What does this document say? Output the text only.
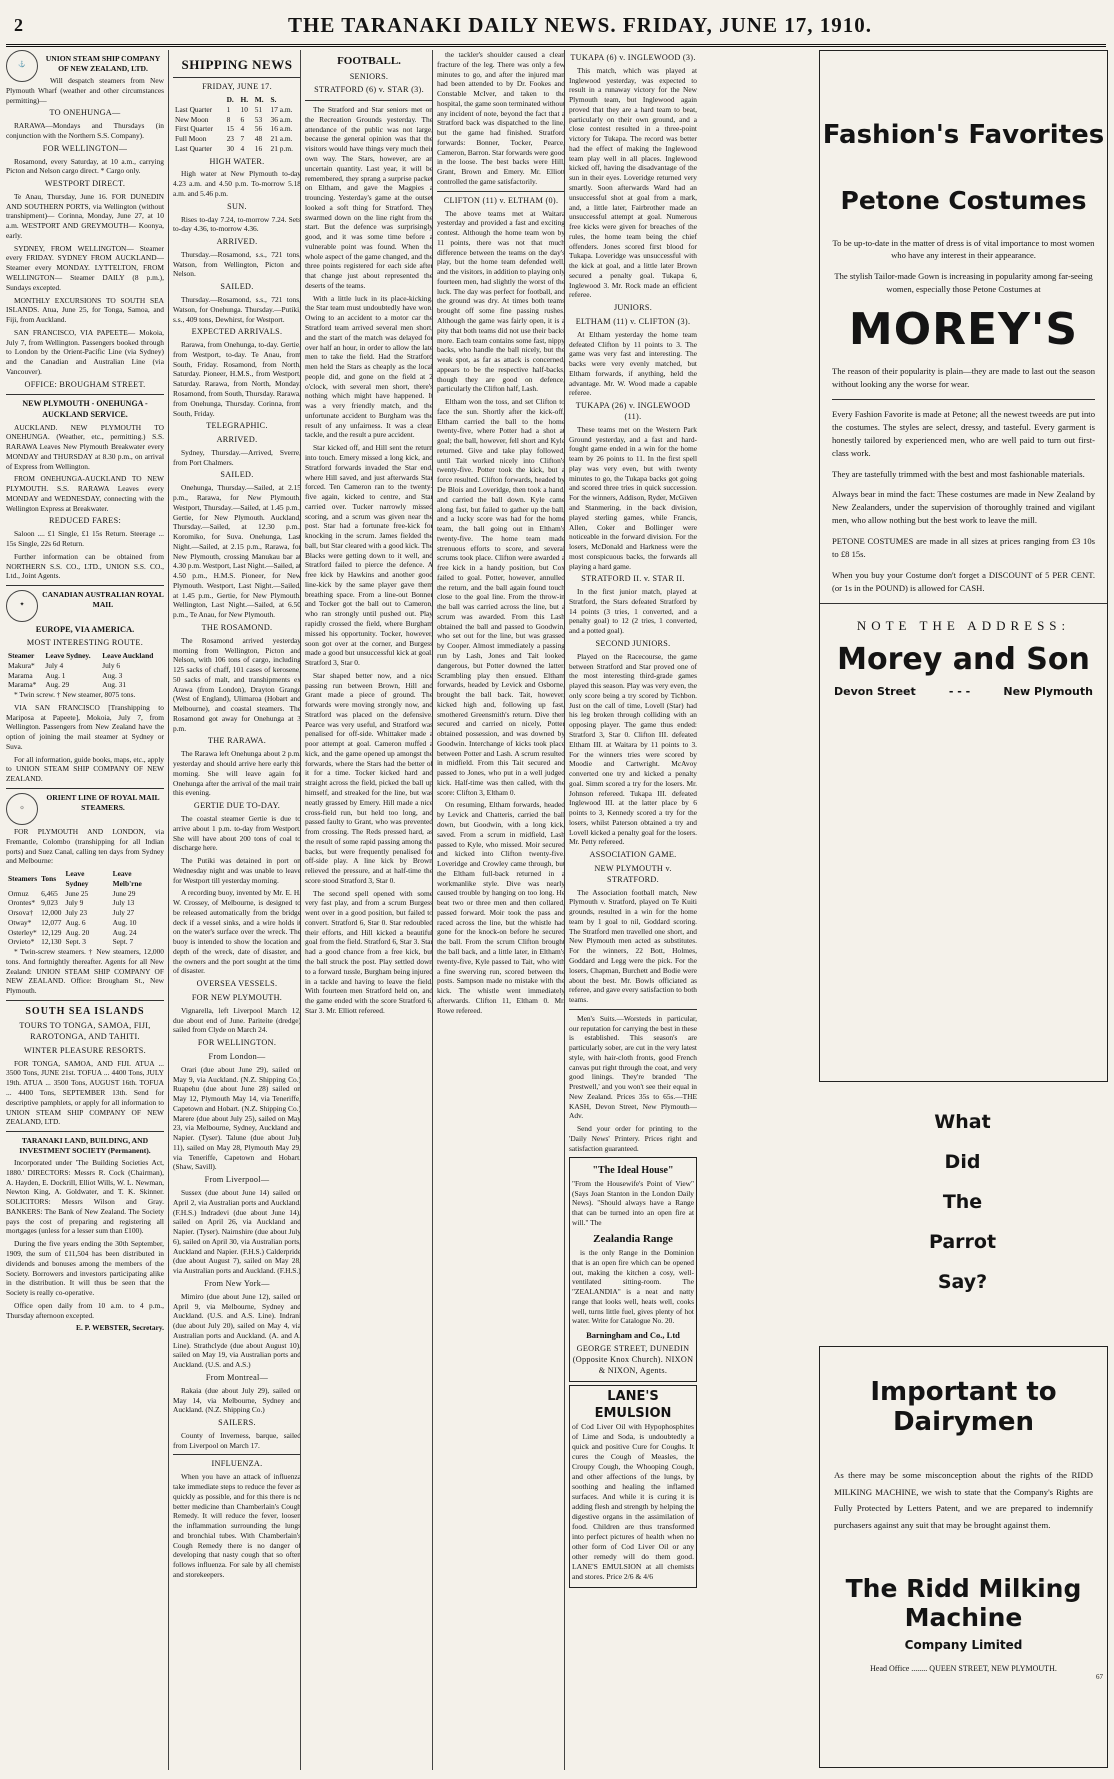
2	THE TARANAKI DAILY NEWS. FRIDAY, JUNE 17, 1910.
⚓
UNION STEAM SHIP COMPANY OF NEW ZEALAND, LTD.

Will despatch steamers from New Plymouth Wharf (weather and other circumstances permitting)—

TO ONEHUNGA—

RARAWA—Mondays and Thursdays (in conjunction with the Northern S.S. Company).

FOR WELLINGTON—

Rosamond, every Saturday, at 10 a.m., carrying Picton and Nelson cargo direct. * Cargo only.

WESTPORT DIRECT.

Te Anau, Thursday, June 16. FOR DUNEDIN AND SOUTHERN PORTS, via Wellington (without transhipment)— Corinna, Monday, June 27, at 10 a.m. WESTPORT AND GREYMOUTH— Koonya, early.

SYDNEY, FROM WELLINGTON— Steamer every FRIDAY. SYDNEY FROM AUCKLAND— Steamer every MONDAY. LYTTELTON, FROM WELLINGTON— Steamer DAILY (8 p.m.), Sundays excepted.

MONTHLY EXCURSIONS TO SOUTH SEA ISLANDS. Atua, June 25, for Tonga, Samoa, and Fiji, from Auckland.

SAN FRANCISCO, VIA PAPEETE— Mokoia, July 7, from Wellington. Passengers booked through to London by the Orient-Pacific Line (via Sydney) and the Canadian and Australian Line (via Vancouver).

OFFICE: BROUGHAM STREET.
NEW PLYMOUTH - ONEHUNGA - AUCKLAND SERVICE.

AUCKLAND. NEW PLYMOUTH TO ONEHUNGA. (Weather, etc., permitting.) S.S. RARAWA Leaves New Plymouth Breakwater every MONDAY and THURSDAY at 8.30 p.m., on arrival of Express from Wellington.

FROM ONEHUNGA-AUCKLAND TO NEW PLYMOUTH. S.S. RARAWA Leaves every MONDAY and WEDNESDAY, connecting with the Wellington Express at Breakwater.

REDUCED FARES:

Saloon .... £1 Single, £1 15s Return. Steerage ... 15s Single, 22s 6d Return.

Further information can be obtained from NORTHERN S.S. CO., LTD., UNION S.S. CO., Ltd., Joint Agents.

✦
CANADIAN AUSTRALIAN ROYAL MAIL
EUROPE, VIA AMERICA.
MOST INTERESTING ROUTE.
Steamer	Leave Sydney.	Leave Auckland
Makura*	July 4	July 6
Marama	Aug. 1	Aug. 3
Marama*	Aug. 29	Aug. 31

* Twin screw. † New steamer, 8075 tons.

VIA SAN FRANCISCO [Transhipping to Mariposa at Papeete], Mokoia, July 7, from Wellington. Passengers from New Zealand have the option of joining the mail steamer at Sydney or Suva.

For all information, guide books, maps, etc., apply to UNION STEAM SHIP COMPANY OF NEW ZEALAND.

☼
ORIENT LINE OF ROYAL MAIL STEAMERS.

FOR PLYMOUTH AND LONDON, via Fremantle, Colombo (transhipping for all Indian ports) and Suez Canal, calling ten days from Sydney and Melbourne:

Steamers	Tons	Leave Sydney	Leave Melb'rne
Ormuz	6,465	June 25	June 29
Orontes*	9,023	July 9	July 13
Orsova†	12,000	July 23	July 27
Otway*	12,077	Aug. 6	Aug. 10
Osterley*	12,129	Aug. 20	Aug. 24
Orvieto*	12,130	Sept. 3	Sept. 7

* Twin-screw steamers. † New steamers, 12,000 tons. And fortnightly thereafter. Agents for all New Zealand: UNION STEAM SHIP COMPANY OF NEW ZEALAND. Office: Brougham St., New Plymouth.

SOUTH SEA ISLANDS
TOURS TO TONGA, SAMOA, FIJI, RAROTONGA, AND TAHITI.
WINTER PLEASURE RESORTS.

FOR TONGA, SAMOA, AND FIJI. ATUA ... 3500 Tons, JUNE 21st. TOFUA ... 4400 Tons, JULY 19th. ATUA ... 3500 Tons, AUGUST 16th. TOFUA ... 4400 Tons, SEPTEMBER 13th. Send for descriptive pamphlets, or apply for all information to UNION STEAM SHIP COMPANY OF NEW ZEALAND, LTD.

TARANAKI LAND, BUILDING, AND INVESTMENT SOCIETY (Permanent).

Incorporated under 'The Building Societies Act, 1880.' DIRECTORS: Messrs R. Cock (Chairman), A. Hayden, E. Dockrill, Elliot Wills, W. L. Newman, Newton King, A. Goldwater, and T. K. Skinner. SOLICITORS: Messrs Wilson and Gray. BANKERS: The Bank of New Zealand. The Society pays the cost of preparing and registering all mortgages (unless for a lesser sum than £100).

During the five years ending the 30th September, 1909, the sum of £11,504 has been distributed in dividends and bonuses among the members of the Society. Borrowers and investors participating alike in the distribution. It will thus be seen that the Society is really co-operative.

Office open daily from 10 a.m. to 4 p.m., Thursday afternoon excepted.

E. P. WEBSTER, Secretary.
SHIPPING NEWS
FRIDAY, JUNE 17.
	D.	H.	M.	S.
Last Quarter	1	10	51	17 a.m.
New Moon	8	6	53	36 a.m.
First Quarter	15	4	56	16 a.m.
Full Moon	23	7	48	21 a.m.
Last Quarter	30	4	16	21 p.m.
HIGH WATER.

High water at New Plymouth to-day 4.23 a.m. and 4.50 p.m. To-morrow 5.18 a.m. and 5.46 p.m.

SUN.

Rises to-day 7.24, to-morrow 7.24. Sets to-day 4.36, to-morrow 4.36.

ARRIVED.

Thursday.—Rosamond, s.s., 721 tons, Watson, from Wellington, Picton and Nelson.

SAILED.

Thursday.—Rosamond, s.s., 721 tons, Watson, for Onehunga. Thursday.—Putiki, s.s., 409 tons, Dewhirst, for Westport.

EXPECTED ARRIVALS.

Rarawa, from Onehunga, to-day. Gertie, from Westport, to-day. Te Anau, from South, Friday. Rosamond, from North, Saturday. Pioneer, H.M.S., from Westport, Saturday. Rarawa, from North, Monday. Rosamond, from South, Thursday. Rarawa, from Onehunga, Thursday. Corinna, from South, Friday.

TELEGRAPHIC.
ARRIVED.

Sydney, Thursday.—Arrived, Sverre, from Port Chalmers.

SAILED.

Onehunga, Thursday.—Sailed, at 2.15 p.m., Rarawa, for New Plymouth. Westport, Thursday.—Sailed, at 1.45 p.m., Gertie, for New Plymouth. Auckland, Thursday.—Sailed, at 12.30 p.m., Koromiko, for Suva. Onehunga, Last Night.—Sailed, at 2.15 p.m., Rarawa, for New Plymouth, crossing Manukau bar at 4.30 p.m. Westport, Last Night.—Sailed, at 4.50 p.m., H.M.S. Pioneer, for New Plymouth. Westport, Last Night.—Sailed, at 1.45 p.m., Gertie, for New Plymouth. Wellington, Last Night.—Sailed, at 6.50 p.m., Te Anau, for New Plymouth.

THE ROSAMOND.

The Rosamond arrived yesterday morning from Wellington, Picton and Nelson, with 106 tons of cargo, including 125 sacks of chaff, 101 cases of kerosene, 50 sacks of malt, and transhipments ex Arawa (from London), Drayton Grange (West of England), Ulimaroa (Hobart and Melbourne), and coastal steamers. The Rosamond got away for Onehunga at 3 p.m.

THE RARAWA.

The Rarawa left Onehunga about 2 p.m. yesterday and should arrive here early this morning. She will leave again for Onehunga after the arrival of the mail train this evening.

GERTIE DUE TO-DAY.

The coastal steamer Gertie is due to arrive about 1 p.m. to-day from Westport. She will have about 200 tons of coal to discharge here.

The Putiki was detained in port on Wednesday night and was unable to leave for Westport till yesterday morning.

A recording buoy, invented by Mr. E. H. W. Crossey, of Melbourne, is designed to be released automatically from the bridge deck if a vessel sinks, and a wire holds it on the water's surface over the wreck. The buoy is intended to show the location and depth of the wreck, date of disaster, and the owners and the port sought at the time of disaster.

OVERSEA VESSELS.
FOR NEW PLYMOUTH.

Vignarella, left Liverpool March 12, due about end of June. Pariteite (dredge) sailed from Clyde on March 24.

FOR WELLINGTON.
From London—

Orari (due about June 29), sailed on May 9, via Auckland. (N.Z. Shipping Co.) Ruapehu (due about June 28) sailed on May 12, Plymouth May 14, via Teneriffe, Capetown and Hobart. (N.Z. Shipping Co.) Marere (due about July 25), sailed on May 23, via Melbourne, Sydney, Auckland and Napier. (Tyser). Talune (due about July 11), sailed on May 28, Plymouth May 29, via Teneriffe, Capetown and Hobart. (Shaw, Savill).

From Liverpool—

Sussex (due about June 14) sailed on April 2, via Australian ports and Auckland. (F.H.S.) Indradevi (due about June 14), sailed on April 26, via Auckland and Napier. (Tyser). Nairnshire (due about July 6), sailed on April 30, via Australian ports, Auckland and Napier. (F.H.S.) Calderpride (due about August 7), sailed on May 28, via Australian ports and Auckland. (F.H.S.)

From New York—

Mimiro (due about June 12), sailed on April 9, via Melbourne, Sydney and Auckland. (U.S. and A.S. Line). Indrani (due about July 20), sailed on May 4, via Australian ports and Auckland. (A. and A. Line). Strathclyde (due about August 10), sailed on May 19, via Australian ports and Auckland. (U.S. and A.S.)

From Montreal—

Rakaia (due about July 29), sailed on May 14, via Melbourne, Sydney and Auckland. (N.Z. Shipping Co.)

SAILERS.

County of Inverness, barque, sailed from Liverpool on March 17.

INFLUENZA.

When you have an attack of influenza take immediate steps to reduce the fever as quickly as possible, and for this there is no better medicine than Chamberlain's Cough Remedy. It will reduce the fever, loosen the inflammation surrounding the lungs and bronchial tubes. With Chamberlain's Cough Remedy there is no danger of developing that nasty cough that so often follows influenza. For sale by all chemists and storekeepers.

FOOTBALL.
SENIORS.
STRATFORD (6) v. STAR (3).

The Stratford and Star seniors met on the Recreation Grounds yesterday. The attendance of the public was not large, because the general opinion was that the visitors would have things very much their own way. The Stars, however, are an uncertain quantity. Last year, it will be remembered, they sprang a surprise packet on Eltham, and gave the Magpies a trouncing. Yesterday's game at the outset looked a soft thing for Stratford. They swarmed down on the line right from the start. But the defence was surprisingly good, and it was some time before a vulnerable point was found. When the whole aspect of the game changed, and the three points registered for each side after that change just about represented the deserts of the teams.

With a little luck in its place-kicking, the Star team must undoubtedly have won. Owing to an accident to a motor car the Stratford team arrived several men short, and the start of the match was delayed for over half an hour, in order to allow the late men to take the field. Had the Stratford men held the Stars as cheaply as the local people did, and gone on the field at 2 o'clock, with several men short, there's nothing which might have happened. It was a very friendly match, and the unfortunate accident to Burgham was the result of any unfairness. It was a clean tackle, and the result a pure accident.

Star kicked off, and Hill sent the return into touch. Emery missed a long kick, and Stratford forwards invaded the Star end, where Hill saved, and just afterwards Star forced. Ten Cameron ran to the twenty-five again, kicked to centre, and Star carried over. Tucker narrowly missed scoring, and a scrum was given near the post. Star had a fortunate free-kick for knocking in the scrum. James fielded the ball, but Star cleared with a good kick. The Blacks were getting down to it well, and Stratford failed to pierce the defence. A free kick by Hawkins and another good line-kick by the same player gave them breathing space. From a line-out Bonner and Tocker got the ball out to Cameron, who ran strongly until pushed out. Play rapidly crossed the field, where Burgham missed his opportunity. Tocker, however, soon got over at the corner, and Burgess made a good but unsuccessful kick at goal. Stratford 3, Star 0.

Star shaped better now, and a nice passing run between Brown, Hill and Grant made a piece of ground. The forwards were moving strongly now, and Stratford was placed on the defensive. Pearce was very useful, and Stratford was penalised for off-side. Whittaker made a poor attempt at goal. Cameron muffed a kick, and the game opened up amongst the forwards, where the Stars had the better of it for a time. Tocker kicked hard and straight across the field, picked the ball up himself, and streaked for the line, but was neatly grassed by Emery. Hill made a nice cross-field run, but held too long, and passed faulty to Grant, who was prevented from crossing. The Reds pressed hard, as the result of some rapid passing among the backs, but were frequently penalised for off-side play. A line kick by Brown relieved the pressure, and at half-time the score stood Stratford 3, Star 0.

The second spell opened with some very fast play, and from a scrum Burgess went over in a good position, but failed to convert. Stratford 6, Star 0. Star redoubled their efforts, and Hill kicked a beautiful goal from the field. Stratford 6, Star 3. Star had a good chance from a free kick, but the ball struck the post. Play settled down to a forward tussle, Burgham being injured in a tackle and having to leave the field. With fourteen men Stratford held on, and the game ended with the score Stratford 6, Star 3. Mr. Elliott refereed.

the tackler's shoulder caused a clean fracture of the leg. There was only a few minutes to go, and after the injured man had been attended to by Dr. Fookes and Constable McIver, and taken to the hospital, the game soon terminated without any incident of note, beyond the fact that a Stratford back was dispatched to the line, but the game had finished. Stratford forwards: Bonner, Tocker, Pearce, Cameron, Barron. Star forwards were good in the loose. The best backs were Hill, Grant, Brown and Emery. Mr. Elliott controlled the game satisfactorily.

CLIFTON (11) v. ELTHAM (0).

The above teams met at Waitara yesterday and provided a fast and exciting contest. Although the home team won by 11 points, there was not that much difference between the teams on the day's play, but the home team defended well, and the visitors, in addition to playing only fourteen men, had slightly the worst of the luck. The day was perfect for football, and the ground was dry. At times both teams brought off some fine passing rushes. Although the game was fairly open, it is a pity that both teams did not use their backs more. Each team contains some fast, nippy backs, who handle the ball nicely, but the weak spot, as far as attack is concerned, appears to be the respective half-backs, though they are good on defence, particularly the Clifton half, Lash.

Eltham won the toss, and set Clifton to face the sun. Shortly after the kick-off, Eltham carried the ball to the home twenty-five, where Potter had a shot at goal; the ball, however, fell short and Kyle returned. Give and take play followed, until Tait worked nicely into Clifton's twenty-five. Potter took the kick, but a force resulted. Clifton forwards, headed by De Blois and Loveridge, then took a hand, and carried the ball down. Kyle came along fast, but failed to gather up the ball, and a lucky score was had for the home team, the ball going out in Eltham's twenty-five. The home team made strenuous efforts to score, and several scrums took place. Clifton were awarded a free kick in a handy position, but Cox failed to goal. Potter, however, annulled the return, and the ball again found touch close to the goal line. From the throw-in the ball was carried across the line, but a scrum was awarded. From this Lash obtained the ball and passed to Goodwin, who set out for the line, but was grassed by Cooper. Almost immediately a passing run by Lash, Jones and Tait looked dangerous, but Potter downed the latter. Scrambling play then ensued. Eltham forwards, headed by Levick and Osborne, brought the ball back. Tait, however, kicked high and, following up fast, smothered Greensmith's return. Dive then secured and carried on nicely, Potter obtained possession, and was downed by Goodwin. Interchange of kicks took place between Potter and Lash. A scrum resulted in midfield. From this Tait secured and passed to Jones, who put in a well judged kick. Half-time was then called, with the score: Clifton 3, Eltham 0.

On resuming, Eltham forwards, headed by Levick and Chatteris, carried the ball down, but Goodwin, with a long kick, saved. From a scrum in midfield, Lash passed to Kyle, who missed. Moir secured and kicked into Clifton twenty-five. Loveridge and Crowley came through, but the Eltham full-back returned in a workmanlike style. Dive was nearly caused trouble by hanging on too long. He beat two or three men and then collared, passed forward. Moir took the pass and raced across the line, but the whistle had gone for the knock-on before he secured the ball. From the scrum Clifton brought the ball back, and a little later, in Eltham's twenty-five, Kyle passed to Tait, who with a fine swerving run, scored between the posts. Sampson made no mistake with the kick. The whistle went immediately afterwards. Clifton 11, Eltham 0. Mr. Rowe refereed.

TUKAPA (6) v. INGLEWOOD (3).

This match, which was played at Inglewood yesterday, was expected to result in a runaway victory for the New Plymouth team, but Inglewood again proved that they are a hard team to beat, particularly on their own ground, and a close contest resulted in a three-point victory for Tukapa. The record was better had the effect of making the Inglewood team play well in all places. Inglewood kicked off, having the disadvantage of the sun in their eyes. Loveridge returned very smartly. Soon afterwards Ward had an unsuccessful shot at goal from a mark, and, a little later, Fairbrother made an unsuccessful attempt at goal. Numerous free kicks were given for breaches of the rules, the home team being the chief offenders. Jones scored first blood for Tukapa. Loveridge was unsuccessful with the kick at goal, and a little later Brown secured a penalty goal. Tukapa 6, Inglewood 3. Mr. Rock made an efficient referee.

JUNIORS.
ELTHAM (11) v. CLIFTON (3).

At Eltham yesterday the home team defeated Clifton by 11 points to 3. The game was very fast and interesting. The backs were very evenly matched, but Eltham forwards, if anything, held the advantage. Mr. W. Wood made a capable referee.

TUKAPA (26) v. INGLEWOOD (11).

These teams met on the Western Park Ground yesterday, and a fast and hard-fought game ended in a win for the home team by 26 points to 11. In the first spell play was very even, but with twenty minutes to go, the Tukapa backs got going and scored three tries in quick succession. For the winners, Addison, Ryder, McGiven and Stanmering, in the back division, played sterling games, while Francis, Allen, Coker and Bollinger were noticeable in the forward division. For the losers, McDonald and Harkness were the most conspicuous backs, the forwards all playing a hard game.

STRATFORD II. v. STAR II.

In the first junior match, played at Stratford, the Stars defeated Stratford by 14 points (3 tries, 1 converted, and a penalty goal) to 12 (2 tries, 1 converted, and a potted goal).

SECOND JUNIORS.

Played on the Racecourse, the game between Stratford and Star proved one of the most interesting third-grade games played this season. Play was very even, the only score being a try scored by Tichbon. Just on the call of time, Lovell (Star) had his leg broken through colliding with an opposing player. The game thus ended: Stratford 3, Star 0. Clifton III. defeated Eltham III. at Waitara by 11 points to 3. For the winners tries were scored by Moodie and Cartwright. McAvoy converted one try and kicked a penalty goal. Simm scored a try for the losers. Mr. Johnson refereed. Tukapa III. defeated Inglewood III. at the latter place by 6 points to 3, Kennedy scored a try for the losers, whilst Paterson obtained a try and Lovell kicked a penalty goal for the losers. Mr. Petty refereed.

ASSOCIATION GAME.
NEW PLYMOUTH v. STRATFORD.

The Association football match, New Plymouth v. Stratford, played on Te Kuiti grounds, resulted in a win for the home team by 1 goal to nil, Goddard scoring. The Stratford men travelled one short, and New Plymouth men acted as substitutes. For the winners, 22 Bott, Holmes, Goddard and Legg were the pick. For the losers, Chapman, Burchett and Bodie were about the best. Mr. Bowls officiated as referee, and gave every satisfaction to both teams.

Men's Suits.—Worsteds in particular, our reputation for carrying the best in these is established. This season's are particularly sober, are cut in the very latest style, with hair-cloth fronts, good French canvas put right through the coat, and very good linings. They're branded 'The Prestwell,' and you won't see their equal in New Zealand. Prices 35s to 65s.—THE KASH, Devon Street, New Plymouth—Adv.

Send your order for printing to the 'Daily News' Printery. Prices right and satisfaction guaranteed.

"The Ideal House"

"From the Housewife's Point of View" (Says Joan Stanton in the London Daily News). "Should always have a Range that can be turned into an open fire at will." The

Zealandia Range

is the only Range in the Dominion that is an open fire which can be opened out, making the kitchen a cosy, well-ventilated sitting-room. The "ZEALANDIA" is a neat and natty range that looks well, heats well, cooks well, turns little fuel, gives plenty of hot water. Write for Catalogue No. 20.

Barningham and Co., Ltd
GEORGE STREET, DUNEDIN (Opposite Knox Church). NIXON & NIXON, Agents.
LANE'S EMULSION

of Cod Liver Oil with Hypophosphites of Lime and Soda, is undoubtedly a quick and positive Cure for Coughs. It cures the Cough of Measles, the Croupy Cough, the Whooping Cough, and other affections of the lungs, by soothing and healing the inflamed surfaces. And while it is curing it is adding flesh and strength by helping the digestive organs in the assimilation of food. Children are thus transformed into perfect pictures of health when no other form of Cod Liver Oil or any other remedy will do them good. LANE'S EMULSION at all chemists and stores. Price 2/6 & 4/6

Fashion's Favorites
Petone Costumes

To be up-to-date in the matter of dress is of vital importance to most women who have any interest in their appearance.

The stylish Tailor-made Gown is increasing in popularity among far-seeing women, especially those Petone Costumes at

MOREY'S

The reason of their popularity is plain—they are made to last out the season without looking any the worse for wear.

Every Fashion Favorite is made at Petone; all the newest tweeds are put into the costumes. The styles are select, dressy, and tasteful. Every garment is honestly tailored by experienced men, who are well paid to turn out first-class work.

They are tastefully trimmed with the best and most fashionable materials.

Always bear in mind the fact: These costumes are made in New Zealand by New Zealanders, under the supervision of thoroughly trained and vigilant men, who allow nothing but the best work to leave the mill.

PETONE COSTUMES are made in all sizes at prices ranging from £3 10s to £8 15s.

When you buy your Costume don't forget a DISCOUNT of 5 PER CENT. (or 1s in the POUND) is allowed for CASH.

NOTE THE ADDRESS:
Morey and Son
Devon Street	- - -	New Plymouth
What
Did
The
Parrot
Say?
Important to Dairymen

As there may be some misconception about the rights of the RIDD MILKING MACHINE, we wish to state that the Company's Rights are Fully Protected by Letters Patent, and we are prepared to indemnify purchasers against any suit that may be brought against them.

The Ridd Milking Machine
Company Limited
Head Office ........ QUEEN STREET, NEW PLYMOUTH.
67
